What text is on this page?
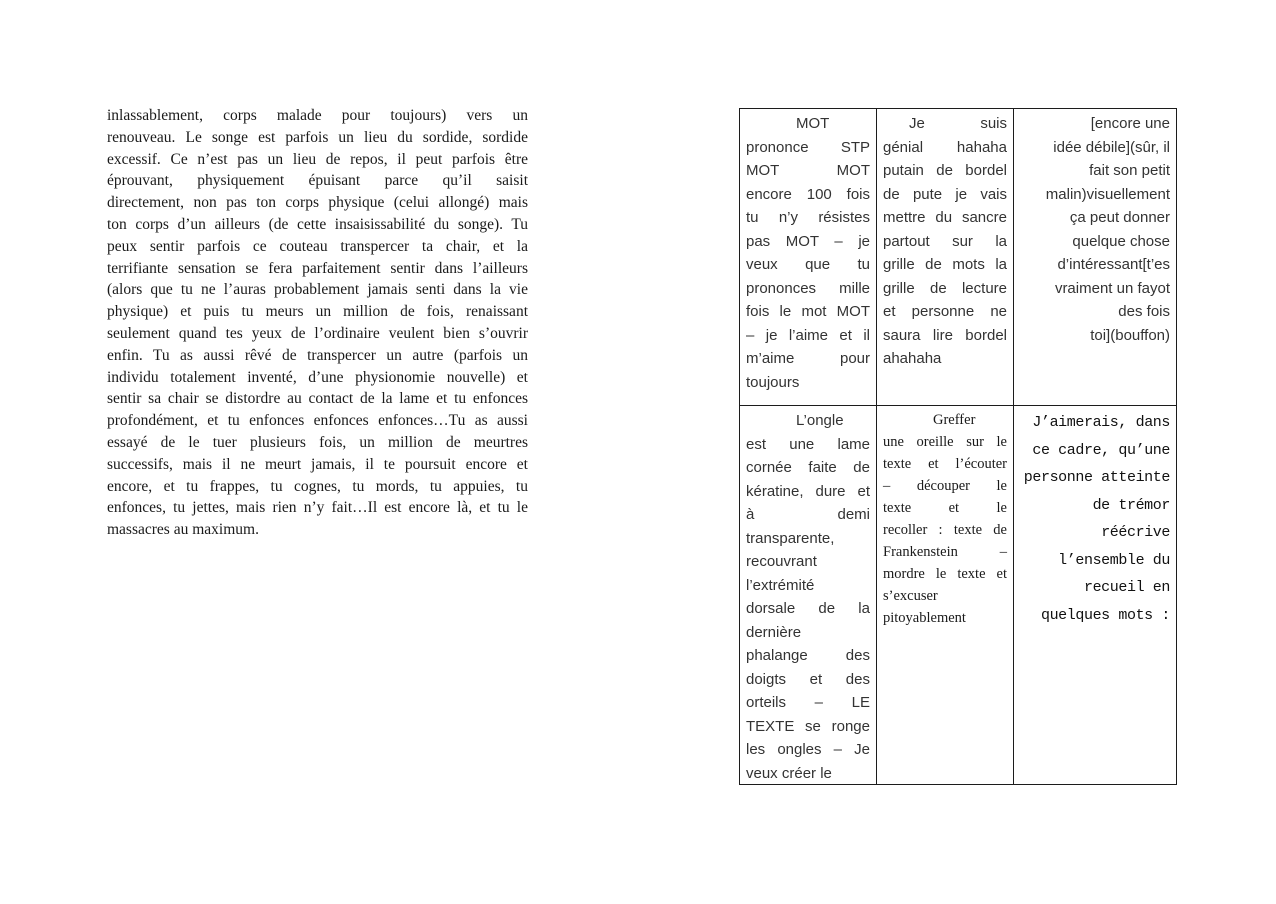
inlassablement, corps malade pour toujours) vers un
renouveau. Le songe est parfois un lieu du sordide, sordide
excessif. Ce n’est pas un lieu de repos, il peut parfois être
éprouvant, physiquement épuisant parce qu’il saisit
directement, non pas ton corps physique (celui allongé) mais
ton corps d’un ailleurs (de cette insaisissabilité du songe). Tu
peux sentir parfois ce couteau transpercer ta chair, et la
terrifiante sensation se fera parfaitement sentir dans l’ailleurs
(alors que tu ne l’auras probablement jamais senti dans la vie
physique) et puis tu meurs un million de fois, renaissant
seulement quand tes yeux de l’ordinaire veulent bien s’ouvrir
enfin. Tu as aussi rêvé de transpercer un autre (parfois un
individu totalement inventé, d’une physionomie nouvelle) et
sentir sa chair se distordre au contact de la lame et tu enfonces
profondément, et tu enfonces enfonces enfonces…Tu as aussi
essayé de le tuer plusieurs fois, un million de meurtres
successifs, mais il ne meurt jamais, il te poursuit encore et
encore, et tu frappes, tu cognes, tu mords, tu appuies, tu
enfonces, tu jettes, mais rien n’y fait…Il est encore là, et tu le
massacres au maximum.
MOT
prononce STP
MOT MOT
encore 100 fois
tu n’y résistes
pas MOT – je
veux que tu
prononces mille
fois le mot MOT
– je l’aime et il
m’aime pour
toujours
Je suis
génial hahaha
putain de bordel
de pute je vais
mettre du sancre
partout sur la
grille de mots la
grille de lecture
et personne ne
saura lire bordel
ahahaha
[encore une
idée débile](sûr, il
fait son petit
malin)visuellement
ça peut donner
quelque chose
d’intéressant[t’es
vraiment un fayot
des fois
toi](bouffon)
L’ongle
est une lame
cornée faite de
kératine, dure et
à demi
transparente,
recouvrant
l’extrémité
dorsale de la
dernière
phalange des
doigts et des
orteils – LE
TEXTE se ronge
les ongles – Je
veux créer le
Greffer
une oreille sur le
texte et l’écouter
– découper le
texte et le
recoller : texte de
Frankenstein –
mordre le texte et
s’excuser
pitoyablement
J’aimerais, dans
ce cadre, qu’une
personne atteinte
de trémor
réécrive
l’ensemble du
recueil en
quelques mots :
